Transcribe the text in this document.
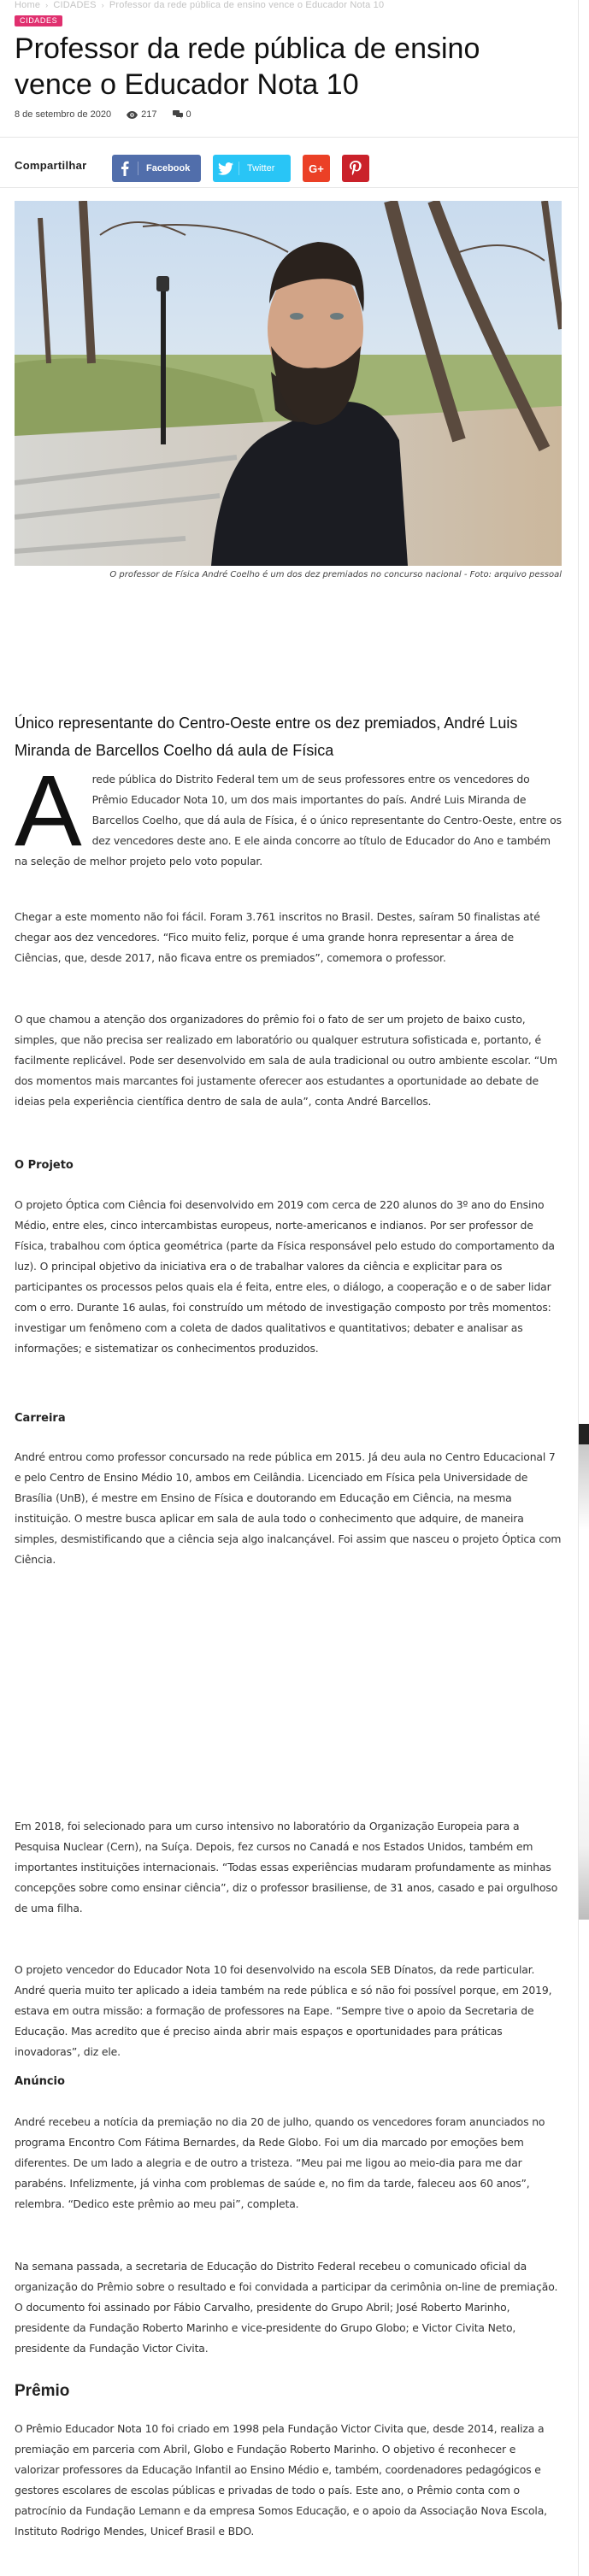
Home › CIDADES › Professor da rede pública de ensino vence o Educador Nota 10
CIDADES
Professor da rede pública de ensino vence o Educador Nota 10
8 de setembro de 2020	217	0
Compartilhar	Facebook	Twitter	G+
O professor de Física André Coelho é um dos dez premiados no concurso nacional - Foto: arquivo pessoal
Único representante do Centro-Oeste entre os dez premiados, André Luis Miranda de Barcellos Coelho dá aula de Física

Arede pública do Distrito Federal tem um de seus professores entre os vencedores do Prêmio Educador Nota 10, um dos mais importantes do país. André Luis Miranda de Barcellos Coelho, que dá aula de Física, é o único representante do Centro-Oeste, entre os dez vencedores deste ano. E ele ainda concorre ao título de Educador do Ano e também na seleção de melhor projeto pelo voto popular.

Chegar a este momento não foi fácil. Foram 3.761 inscritos no Brasil. Destes, saíram 50 finalistas até chegar aos dez vencedores. “Fico muito feliz, porque é uma grande honra representar a área de Ciências, que, desde 2017, não ficava entre os premiados”, comemora o professor.

O que chamou a atenção dos organizadores do prêmio foi o fato de ser um projeto de baixo custo, simples, que não precisa ser realizado em laboratório ou qualquer estrutura sofisticada e, portanto, é facilmente replicável. Pode ser desenvolvido em sala de aula tradicional ou outro ambiente escolar. “Um dos momentos mais marcantes foi justamente oferecer aos estudantes a oportunidade ao debate de ideias pela experiência científica dentro de sala de aula”, conta André Barcellos.

O Projeto

O projeto Óptica com Ciência foi desenvolvido em 2019 com cerca de 220 alunos do 3º ano do Ensino Médio, entre eles, cinco intercambistas europeus, norte-americanos e indianos. Por ser professor de Física, trabalhou com óptica geométrica (parte da Física responsável pelo estudo do comportamento da luz). O principal objetivo da iniciativa era o de trabalhar valores da ciência e explicitar para os participantes os processos pelos quais ela é feita, entre eles, o diálogo, a cooperação e o de saber lidar com o erro. Durante 16 aulas, foi construído um método de investigação composto por três momentos: investigar um fenômeno com a coleta de dados qualitativos e quantitativos; debater e analisar as informações; e sistematizar os conhecimentos produzidos.

Carreira

André entrou como professor concursado na rede pública em 2015. Já deu aula no Centro Educacional 7 e pelo Centro de Ensino Médio 10, ambos em Ceilândia. Licenciado em Física pela Universidade de Brasília (UnB), é mestre em Ensino de Física e doutorando em Educação em Ciência, na mesma instituição. O mestre busca aplicar em sala de aula todo o conhecimento que adquire, de maneira simples, desmistificando que a ciência seja algo inalcançável. Foi assim que nasceu o projeto Óptica com Ciência.

Em 2018, foi selecionado para um curso intensivo no laboratório da Organização Europeia para a Pesquisa Nuclear (Cern), na Suíça. Depois, fez cursos no Canadá e nos Estados Unidos, também em importantes instituições internacionais. “Todas essas experiências mudaram profundamente as minhas concepções sobre como ensinar ciência”, diz o professor brasiliense, de 31 anos, casado e pai orgulhoso de uma filha.

O projeto vencedor do Educador Nota 10 foi desenvolvido na escola SEB Dínatos, da rede particular. André queria muito ter aplicado a ideia também na rede pública e só não foi possível porque, em 2019, estava em outra missão: a formação de professores na Eape. “Sempre tive o apoio da Secretaria de Educação. Mas acredito que é preciso ainda abrir mais espaços e oportunidades para práticas inovadoras”, diz ele.

Anúncio

André recebeu a notícia da premiação no dia 20 de julho, quando os vencedores foram anunciados no programa Encontro Com Fátima Bernardes, da Rede Globo. Foi um dia marcado por emoções bem diferentes. De um lado a alegria e de outro a tristeza. “Meu pai me ligou ao meio-dia para me dar parabéns. Infelizmente, já vinha com problemas de saúde e, no fim da tarde, faleceu aos 60 anos”, relembra. “Dedico este prêmio ao meu pai”, completa.

Na semana passada, a secretaria de Educação do Distrito Federal recebeu o comunicado oficial da organização do Prêmio sobre o resultado e foi convidada a participar da cerimônia on-line de premiação. O documento foi assinado por Fábio Carvalho, presidente do Grupo Abril; José Roberto Marinho, presidente da Fundação Roberto Marinho e vice-presidente do Grupo Globo; e Victor Civita Neto, presidente da Fundação Victor Civita.

Prêmio

O Prêmio Educador Nota 10 foi criado em 1998 pela Fundação Victor Civita que, desde 2014, realiza a premiação em parceria com Abril, Globo e Fundação Roberto Marinho. O objetivo é reconhecer e valorizar professores da Educação Infantil ao Ensino Médio e, também, coordenadores pedagógicos e gestores escolares de escolas públicas e privadas de todo o país. Este ano, o Prêmio conta com o patrocínio da Fundação Lemann e da empresa Somos Educação, e o apoio da Associação Nova Escola, Instituto Rodrigo Mendes, Unicef Brasil e BDO.
